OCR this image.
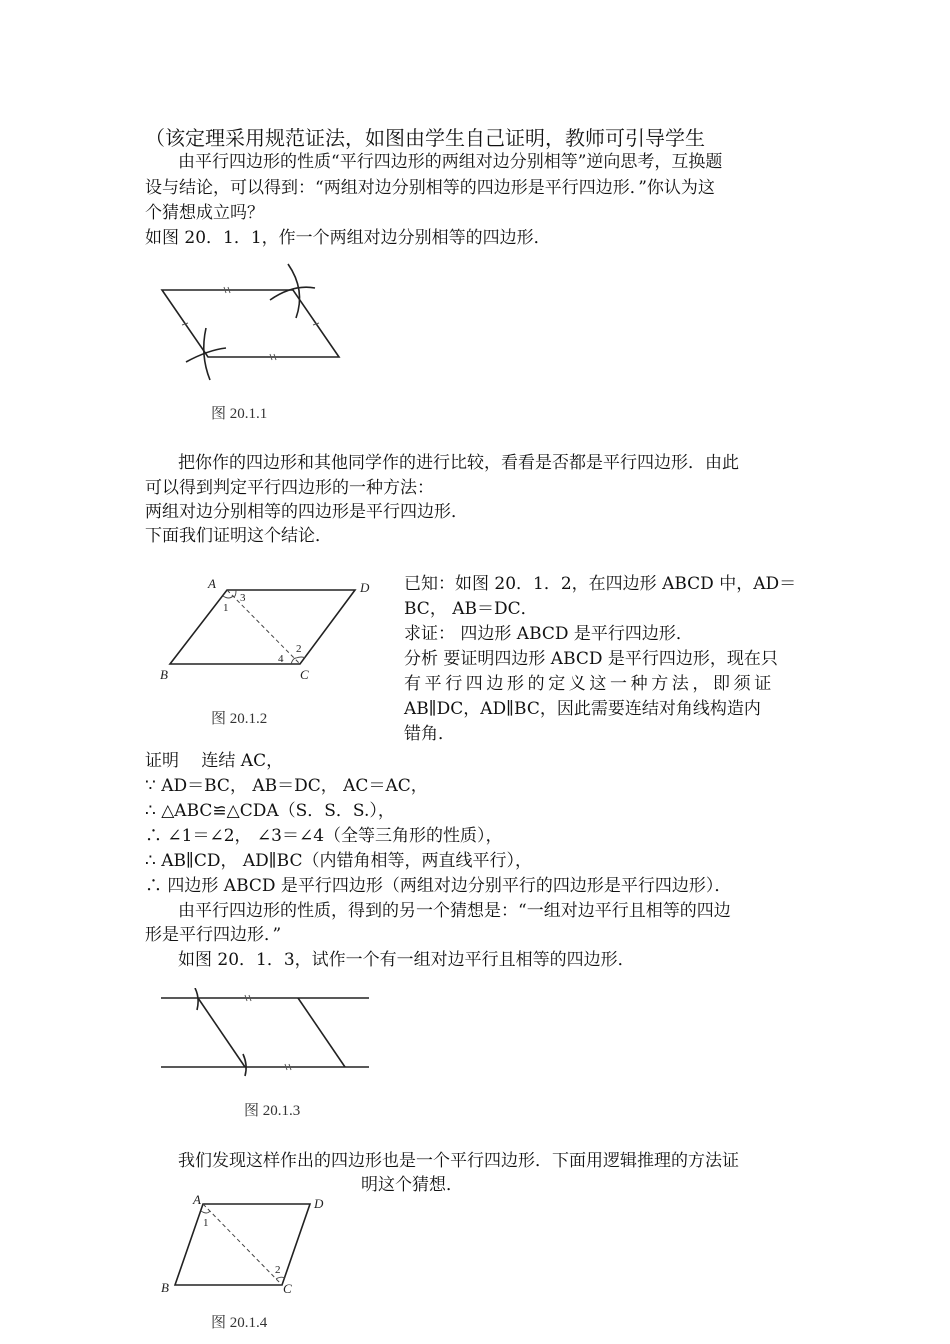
（该定理采用规范证法，如图由学生自己证明，教师可引导学生
由平行四边形的性质“平行四边形的两组对边分别相等”逆向思考，互换题
设与结论，可以得到：“两组对边分别相等的四边形是平行四边形．”你认为这
个猜想成立吗？
如图 20．1．1，作一个两组对边分别相等的四边形．
图 20.1.1
把你作的四边形和其他同学作的进行比较，看看是否都是平行四边形．由此
可以得到判定平行四边形的一种方法：
两组对边分别相等的四边形是平行四边形．
下面我们证明这个结论．
A	D
B	C
1
3
2
4
图 20.1.2

已知：如图 20．1．2，在四边形 ABCD 中，AD＝

BC， AB＝DC．

求证： 四边形 ABCD 是平行四边形．

分析 要证明四边形 ABCD 是平行四边形，现在只

有平行四边形的定义这一种方法，即须证

AB∥DC，AD∥BC，因此需要连结对角线构造内

错角．

证明　 连结 AC，
∵ AD＝BC， AB＝DC， AC＝AC，
∴ △ABC≌△CDA（S．S．S.），
∴ ∠1＝∠2， ∠3＝∠4（全等三角形的性质），
∴ AB∥CD， AD∥BC（内错角相等，两直线平行），
∴ 四边形 ABCD 是平行四边形（两组对边分别平行的四边形是平行四边形）．
由平行四边形的性质，得到的另一个猜想是：“一组对边平行且相等的四边
形是平行四边形．”
如图 20．1．3，试作一个有一组对边平行且相等的四边形．
图 20.1.3
我们发现这样作出的四边形也是一个平行四边形．下面用逻辑推理的方法证
明这个猜想．
A	D
B	C
1
2
图 20.1.4
